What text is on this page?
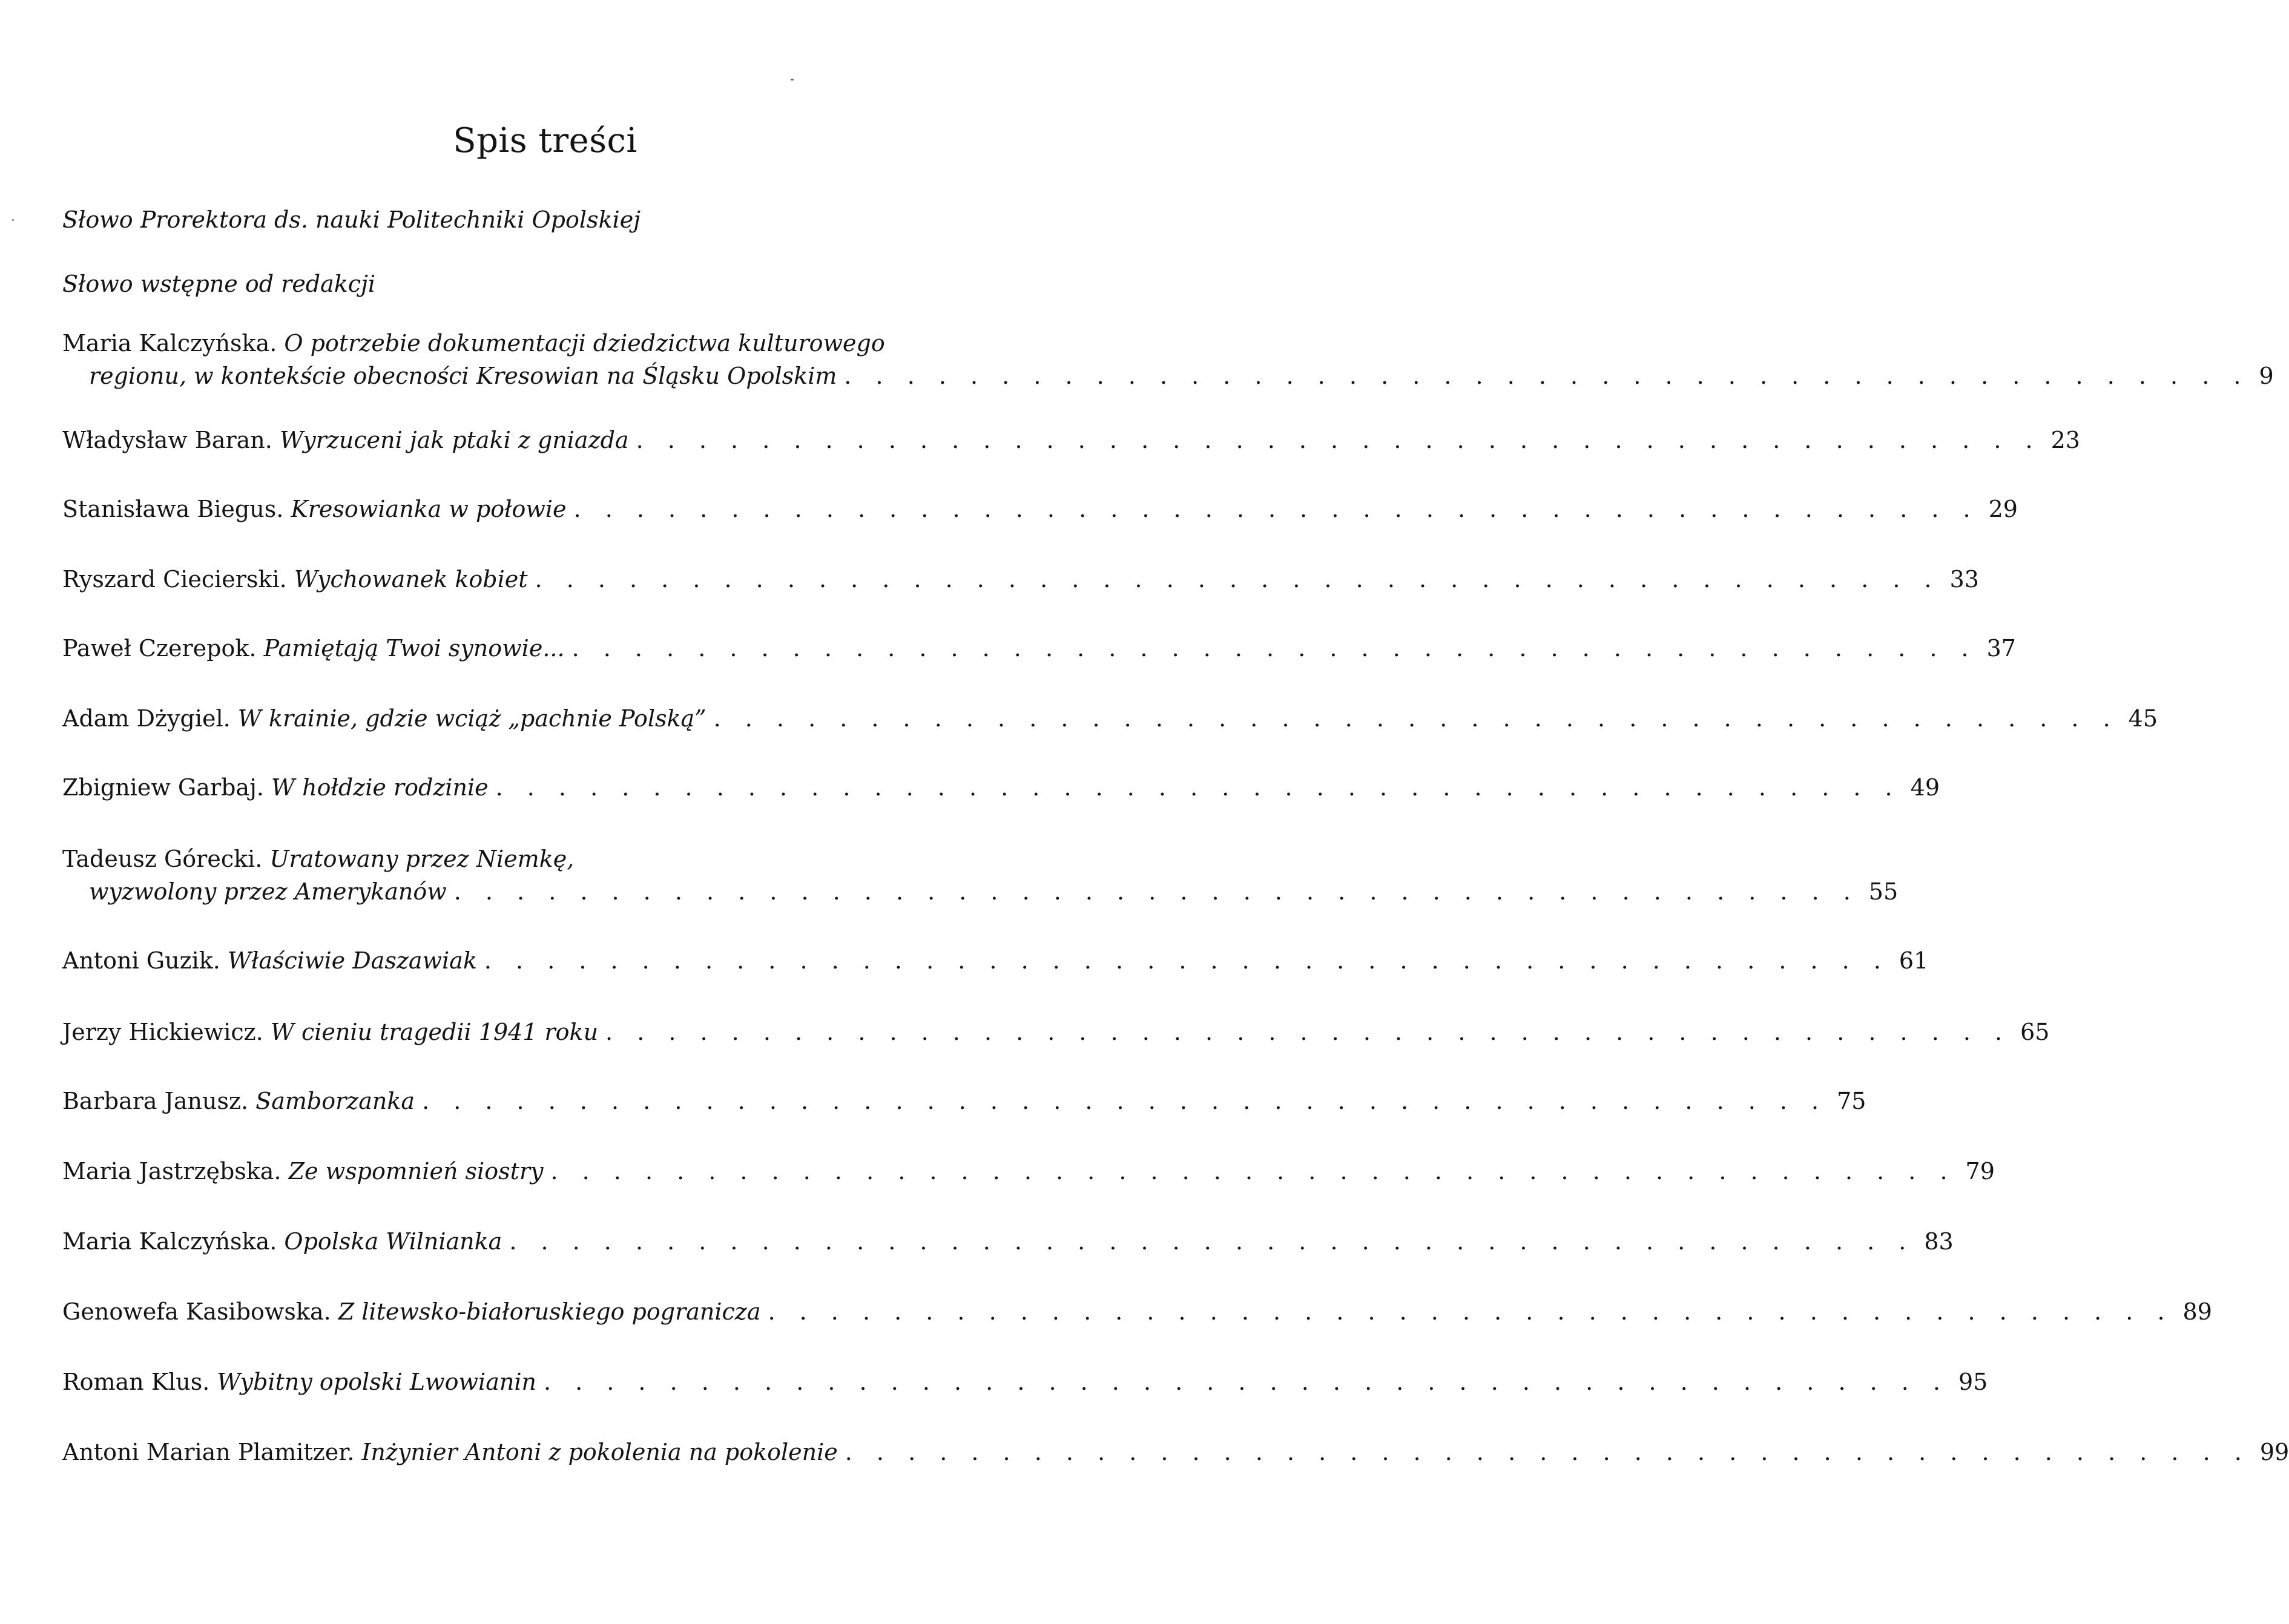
Spis treści
Słowo Prorektora ds. nauki Politechniki Opolskiej
Słowo wstępne od redakcji
Maria Kalczyńska.
O potrzebie dokumentacji dziedzictwa kulturowego
regionu, w kontekście obecności Kresowian na Śląsku Opolskim . . . . . . . . . . . . . . . . . . . . . . . . . . . . . . . . . . . . . . . . . . . . . 9
Władysław Baran.
Wyrzuceni jak ptaki z gniazda . . . . . . . . . . . . . . . . . . . . . . . . . . . . . . . . . . . . . . . . . . . . . 23
Stanisława Biegus.
Kresowianka w połowie . . . . . . . . . . . . . . . . . . . . . . . . . . . . . . . . . . . . . . . . . . . . . 29
Ryszard Ciecierski.
Wychowanek kobiet . . . . . . . . . . . . . . . . . . . . . . . . . . . . . . . . . . . . . . . . . . . . . 33
Paweł Czerepok.
Pamiętają Twoi synowie... . . . . . . . . . . . . . . . . . . . . . . . . . . . . . . . . . . . . . . . . . . . . . 37
Adam Dżygiel.
W krainie, gdzie wciąż „pachnie Polską” . . . . . . . . . . . . . . . . . . . . . . . . . . . . . . . . . . . . . . . . . . . . . 45
Zbigniew Garbaj.
W hołdzie rodzinie . . . . . . . . . . . . . . . . . . . . . . . . . . . . . . . . . . . . . . . . . . . . . 49
Tadeusz Górecki.
Uratowany przez Niemkę,
wyzwolony przez Amerykanów . . . . . . . . . . . . . . . . . . . . . . . . . . . . . . . . . . . . . . . . . . . . . 55
Antoni Guzik.
Właściwie Daszawiak . . . . . . . . . . . . . . . . . . . . . . . . . . . . . . . . . . . . . . . . . . . . . 61
Jerzy Hickiewicz.
W cieniu tragedii 1941 roku . . . . . . . . . . . . . . . . . . . . . . . . . . . . . . . . . . . . . . . . . . . . . 65
Barbara Janusz.
Samborzanka . . . . . . . . . . . . . . . . . . . . . . . . . . . . . . . . . . . . . . . . . . . . . 75
Maria Jastrzębska.
Ze wspomnień siostry . . . . . . . . . . . . . . . . . . . . . . . . . . . . . . . . . . . . . . . . . . . . . 79
Maria Kalczyńska.
Opolska Wilnianka . . . . . . . . . . . . . . . . . . . . . . . . . . . . . . . . . . . . . . . . . . . . . 83
Genowefa Kasibowska.
Z litewsko-białoruskiego pogranicza . . . . . . . . . . . . . . . . . . . . . . . . . . . . . . . . . . . . . . . . . . . . . 89
Roman Klus.
Wybitny opolski Lwowianin . . . . . . . . . . . . . . . . . . . . . . . . . . . . . . . . . . . . . . . . . . . . . 95
Antoni Marian Plamitzer.
Inżynier Antoni z pokolenia na pokolenie . . . . . . . . . . . . . . . . . . . . . . . . . . . . . . . . . . . . . . . . . . . . . 99
